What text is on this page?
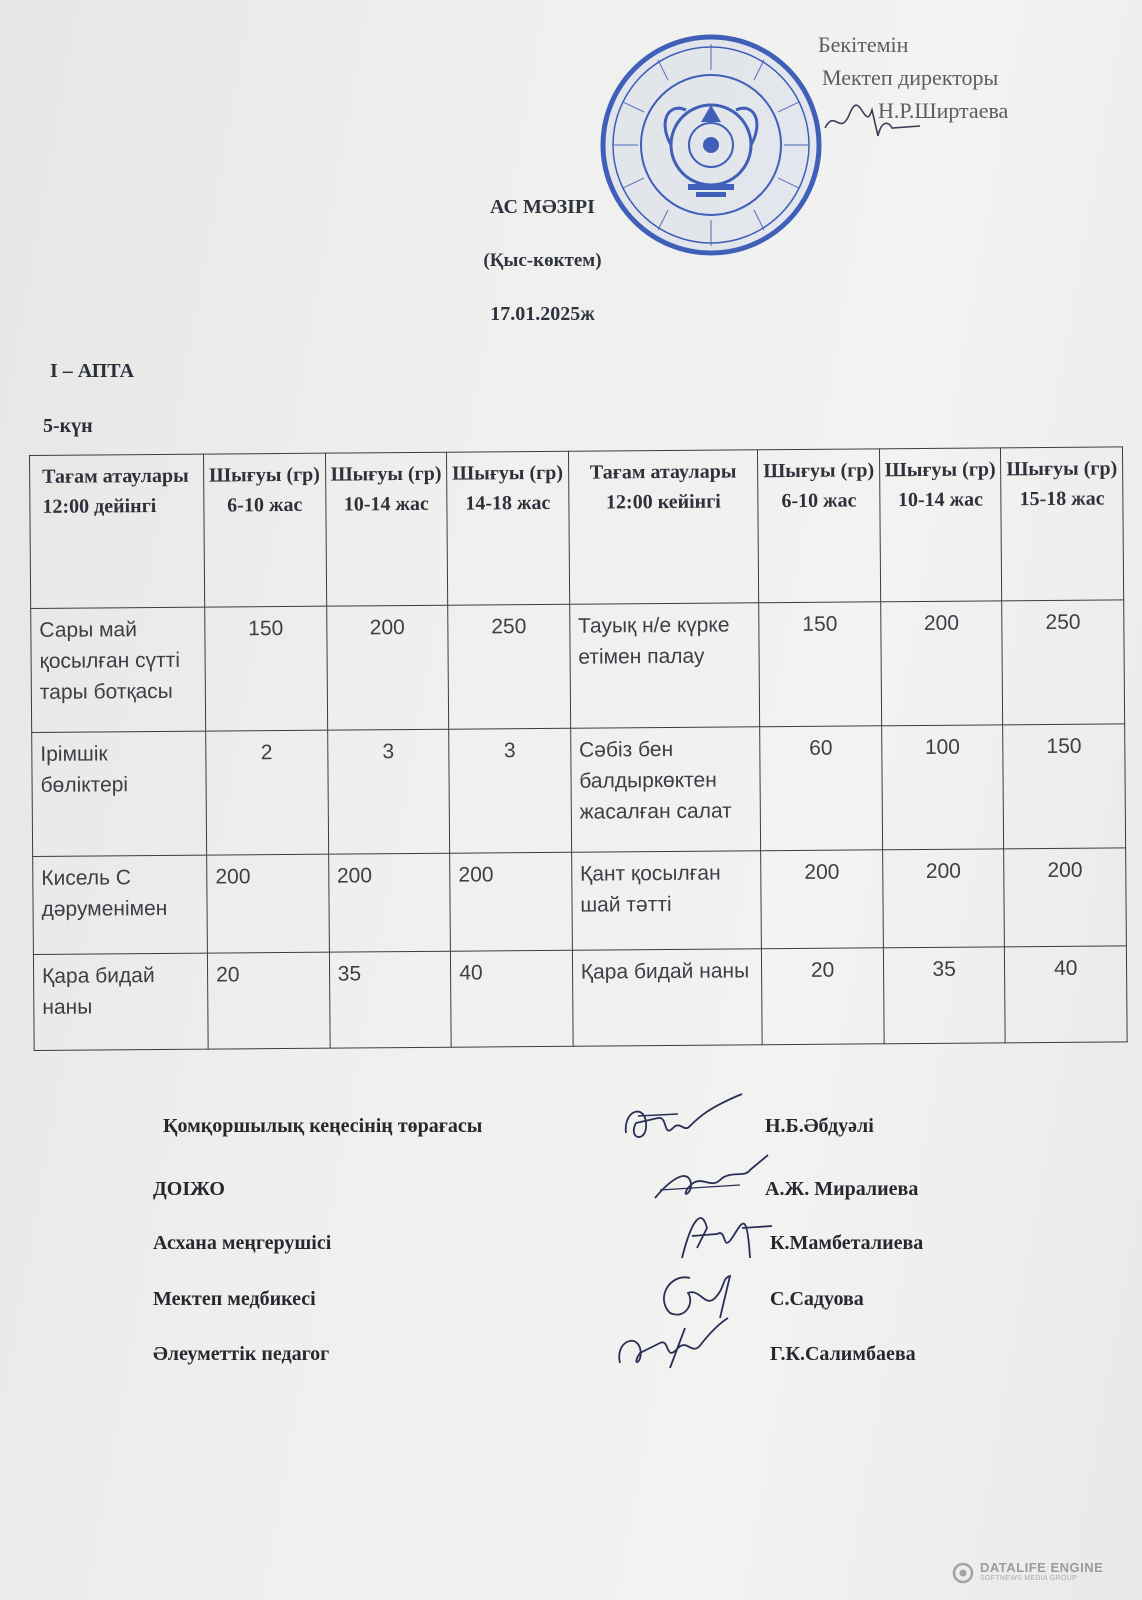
Бекітемін
Мектеп директоры
Н.Р.Ширтаева
АС МӘЗІРІ
(Қыс-көктем)
17.01.2025ж
І – АПТА
5-күн
Тағам атаулары 12:00 дейінгі	Шығуы (гр) 6-10 жас	Шығуы (гр) 10-14 жас	Шығуы (гр) 14-18 жас	Тағам атаулары 12:00 кейінгі	Шығуы (гр) 6-10 жас	Шығуы (гр) 10-14 жас	Шығуы (гр) 15-18 жас
Сары май қосылған сүтті тары ботқасы	150	200	250	Тауық н/е күрке етімен палау	150	200	250
Ірімшік бөліктері	2	3	3	Сәбіз бен балдыркөктен жасалған салат	60	100	150
Кисель С дәруменімен	200	200	200	Қант қосылған шай тәтті	200	200	200
Қара бидай наны	20	35	40	Қара бидай наны	20	35	40
Қомқоршылық кеңесінің төрағасы	Н.Б.Әбдуәлі
ДОІЖО	А.Ж. Миралиева
Асхана меңгерушісі	К.Мамбеталиева
Мектеп медбикесі	С.Садуова
Әлеуметтік педагог	Г.К.Салимбаева
DATALIFE ENGINE
SOFTNEWS MEDIA GROUP
